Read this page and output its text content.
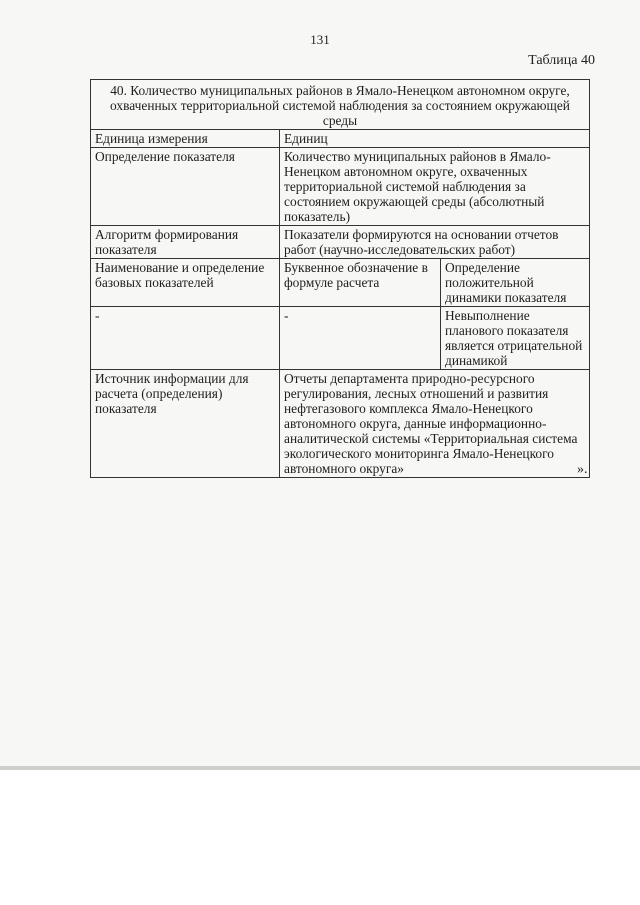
131
Таблица 40
40. Количество муниципальных районов в Ямало-Ненецком автономном округе, охваченных территориальной системой наблюдения за состоянием окружающей среды		
Единица измерения	Единиц	
Определение показателя	Количество муниципальных районов в Ямало-Ненецком автономном округе, охваченных территориальной системой наблюдения за состоянием окружающей среды (абсолютный показатель)	
Алгоритм формирования показателя	Показатели формируются на основании отчетов работ (научно-исследовательских работ)	
Наименование и определение базовых показателей	Буквенное обозначение в формуле расчета	Определение положительной динамики показателя
-	-	Невыполнение планового показателя является отрицательной динамикой
Источник информации для расчета (определения) показателя	Отчеты департамента природно-ресурсного регулирования, лесных отношений и развития нефтегазового комплекса Ямало-Ненецкого автономного округа, данные информационно-аналитической системы «Территориальная система экологического мониторинга Ямало-Ненецкого автономного округа»		».
